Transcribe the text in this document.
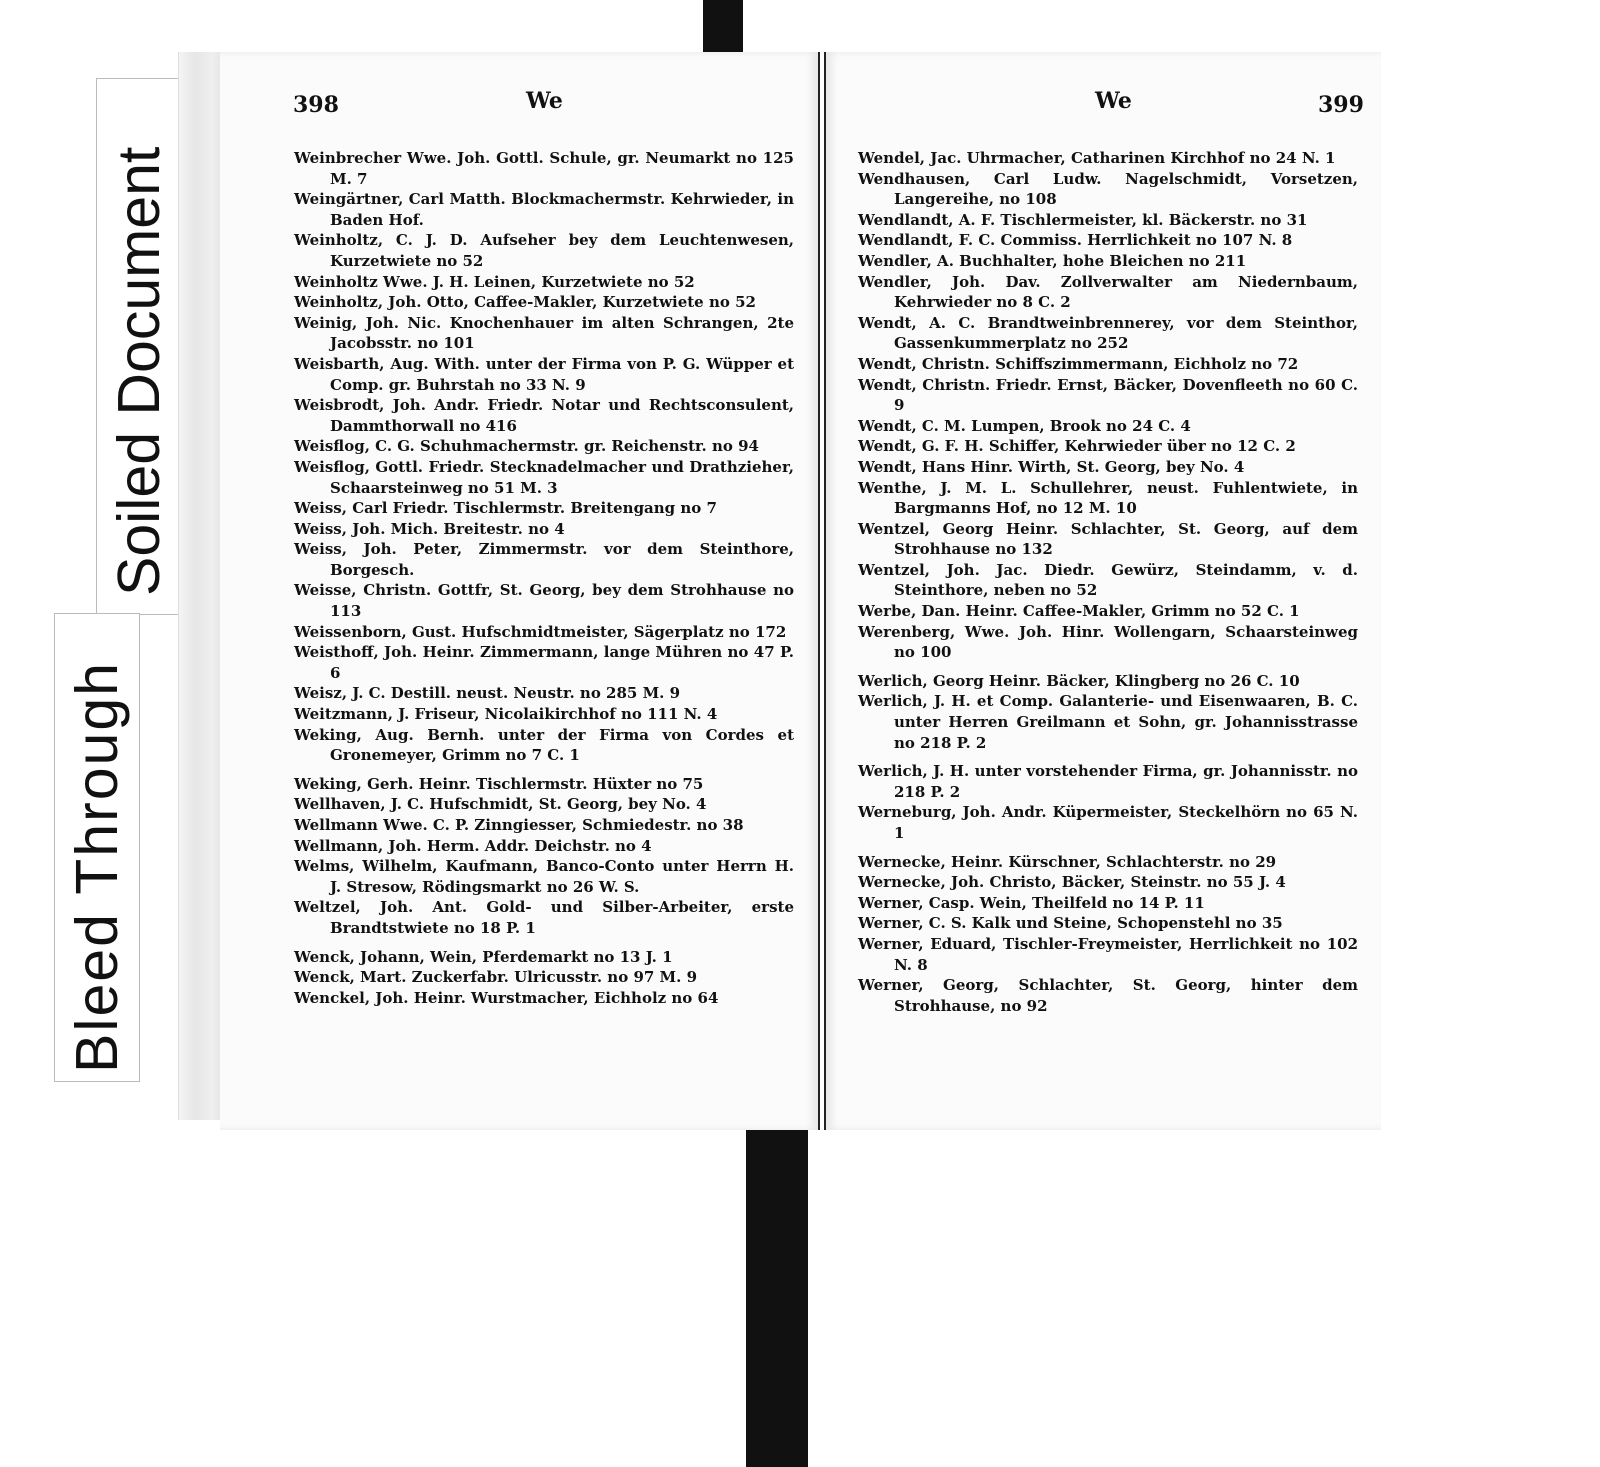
Soiled Document
Bleed Through
398	We	We	399

Weinbrecher Wwe. Joh. Gottl. Schule, gr. Neumarkt no 125 M. 7

Weingärtner, Carl Matth. Blockmachermstr. Kehrwieder, in Baden Hof.

Weinholtz, C. J. D. Aufseher bey dem Leuchtenwesen, Kurzetwiete no 52

Weinholtz Wwe. J. H. Leinen, Kurzetwiete no 52

Weinholtz, Joh. Otto, Caffee-Makler, Kurzetwiete no 52

Weinig, Joh. Nic. Knochenhauer im alten Schrangen, 2te Jacobsstr. no 101

Weisbarth, Aug. With. unter der Firma von P. G. Wüpper et Comp. gr. Buhrstah no 33 N. 9

Weisbrodt, Joh. Andr. Friedr. Notar und Rechtsconsulent, Dammthorwall no 416

Weisflog, C. G. Schuhmachermstr. gr. Reichenstr. no 94

Weisflog, Gottl. Friedr. Stecknadelmacher und Drathzieher, Schaarsteinweg no 51 M. 3

Weiss, Carl Friedr. Tischlermstr. Breitengang no 7

Weiss, Joh. Mich. Breitestr. no 4

Weiss, Joh. Peter, Zimmermstr. vor dem Steinthore, Borgesch.

Weisse, Christn. Gottfr, St. Georg, bey dem Strohhause no 113

Weissenborn, Gust. Hufschmidtmeister, Sägerplatz no 172

Weisthoff, Joh. Heinr. Zimmermann, lange Mühren no 47 P. 6

Weisz, J. C. Destill. neust. Neustr. no 285 M. 9

Weitzmann, J. Friseur, Nicolaikirchhof no 111 N. 4

Weking, Aug. Bernh. unter der Firma von Cordes et Gronemeyer, Grimm no 7 C. 1

Weking, Gerh. Heinr. Tischlermstr. Hüxter no 75

Wellhaven, J. C. Hufschmidt, St. Georg, bey No. 4

Wellmann Wwe. C. P. Zinngiesser, Schmiedestr. no 38

Wellmann, Joh. Herm. Addr. Deichstr. no 4

Welms, Wilhelm, Kaufmann, Banco-Conto unter Herrn H. J. Stresow, Rödingsmarkt no 26 W. S.

Weltzel, Joh. Ant. Gold- und Silber-Arbeiter, erste Brandtstwiete no 18 P. 1

Wenck, Johann, Wein, Pferdemarkt no 13 J. 1

Wenck, Mart. Zuckerfabr. Ulricusstr. no 97 M. 9

Wenckel, Joh. Heinr. Wurstmacher, Eichholz no 64

Wendel, Jac. Uhrmacher, Catharinen Kirchhof no 24 N. 1

Wendhausen, Carl Ludw. Nagelschmidt, Vorsetzen, Langereihe, no 108

Wendlandt, A. F. Tischlermeister, kl. Bäckerstr. no 31

Wendlandt, F. C. Commiss. Herrlichkeit no 107 N. 8

Wendler, A. Buchhalter, hohe Bleichen no 211

Wendler, Joh. Dav. Zollverwalter am Niedernbaum, Kehrwieder no 8 C. 2

Wendt, A. C. Brandtweinbrennerey, vor dem Steinthor, Gassenkummerplatz no 252

Wendt, Christn. Schiffszimmermann, Eichholz no 72

Wendt, Christn. Friedr. Ernst, Bäcker, Dovenfleeth no 60 C. 9

Wendt, C. M. Lumpen, Brook no 24 C. 4

Wendt, G. F. H. Schiffer, Kehrwieder über no 12 C. 2

Wendt, Hans Hinr. Wirth, St. Georg, bey No. 4

Wenthe, J. M. L. Schullehrer, neust. Fuhlentwiete, in Bargmanns Hof, no 12 M. 10

Wentzel, Georg Heinr. Schlachter, St. Georg, auf dem Strohhause no 132

Wentzel, Joh. Jac. Diedr. Gewürz, Steindamm, v. d. Steinthore, neben no 52

Werbe, Dan. Heinr. Caffee-Makler, Grimm no 52 C. 1

Werenberg, Wwe. Joh. Hinr. Wollengarn, Schaarsteinweg no 100

Werlich, Georg Heinr. Bäcker, Klingberg no 26 C. 10

Werlich, J. H. et Comp. Galanterie- und Eisenwaaren, B. C. unter Herren Greilmann et Sohn, gr. Johannisstrasse no 218 P. 2

Werlich, J. H. unter vorstehender Firma, gr. Johannisstr. no 218 P. 2

Werneburg, Joh. Andr. Küpermeister, Steckelhörn no 65 N. 1

Wernecke, Heinr. Kürschner, Schlachterstr. no 29

Wernecke, Joh. Christo, Bäcker, Steinstr. no 55 J. 4

Werner, Casp. Wein, Theilfeld no 14 P. 11

Werner, C. S. Kalk und Steine, Schopenstehl no 35

Werner, Eduard, Tischler-Freymeister, Herrlichkeit no 102 N. 8

Werner, Georg, Schlachter, St. Georg, hinter dem Strohhause, no 92
